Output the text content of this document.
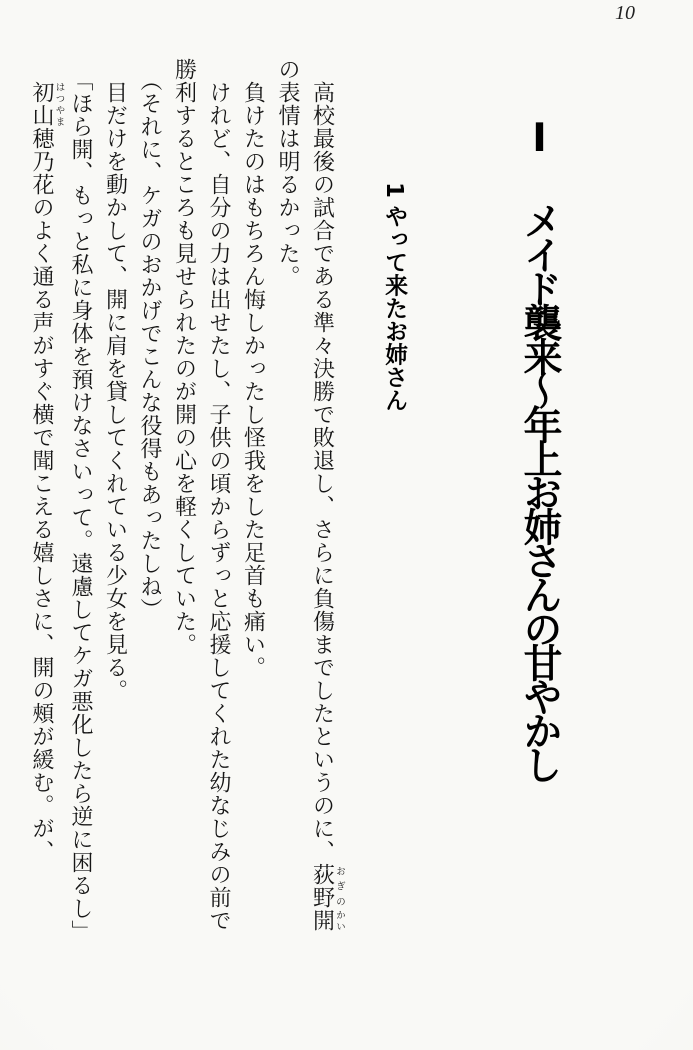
10
Ⅰメイド襲来〜年上お姉さんの甘やかし
1やって来たお姉さん

　高校最後の試合である準々決勝で敗退し、さらに負傷までしたというのに、荻野おぎの開かい

の表情は明るかった。

　負けたのはもちろん悔しかったし怪我をした足首も痛い。

　けれど、自分の力は出せたし、子供の頃からずっと応援してくれた幼なじみの前で

勝利するところも見せられたのが開の心を軽くしていた。

（それに、ケガのおかげでこんな役得もあったしね）

　目だけを動かして、開に肩を貸してくれている少女を見る。

「ほら開、もっと私に身体を預けなさいって。遠慮してケガ悪化したら逆に困るし」

　初山はつやま穂乃花のよく通る声がすぐ横で聞こえる嬉しさに、開の頰が緩む。が、
